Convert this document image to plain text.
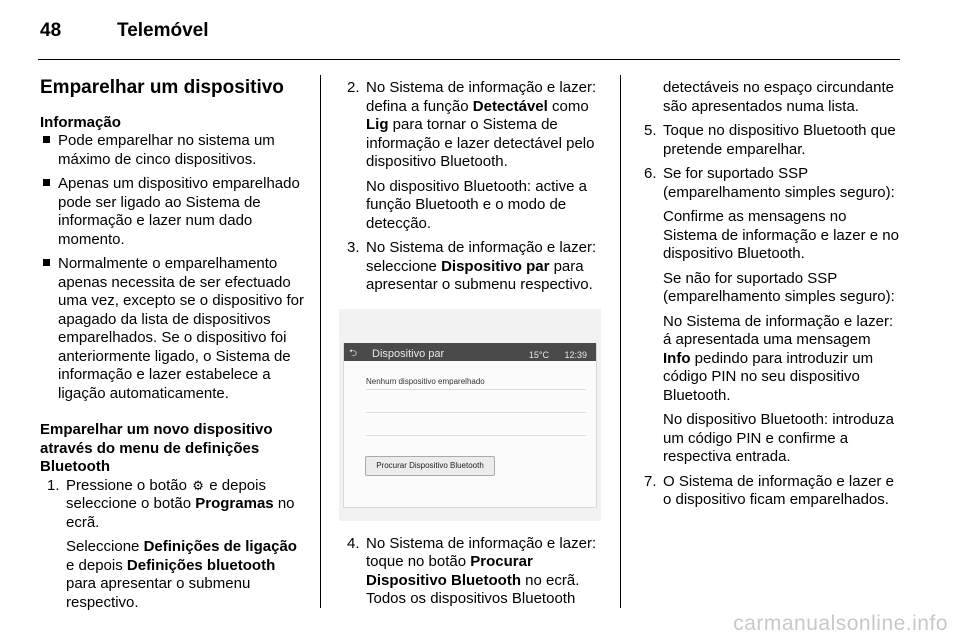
48	Telemóvel

Emparelhar um dispositivo

Informação

Pode emparelhar no sistema um máximo de cinco dispositivos.

Apenas um dispositivo emparelhado pode ser ligado ao Sistema de informação e lazer num dado momento.

Normalmente o emparelhamento apenas necessita de ser efectuado uma vez, excepto se o dispositivo for apagado da lista de dispositivos emparelhados. Se o dispositivo foi anteriormente ligado, o Sistema de informação e lazer estabelece a ligação automaticamente.

Emparelhar um novo dispositivo através do menu de definições Bluetooth

1. Pressione o botão ⚙ e depois seleccione o botão Programas no ecrã.

Seleccione Definições de ligação e depois Definições bluetooth para apresentar o submenu respectivo.

2. No Sistema de informação e lazer: defina a função Detectável como Lig para tornar o Sistema de informação e lazer detectável pelo dispositivo Bluetooth.

No dispositivo Bluetooth: active a função Bluetooth e o modo de detecção.

3. No Sistema de informação e lazer: seleccione Dispositivo par para apresentar o submenu respectivo.

⮌ Dispositivo par	15°C 12:39
Nenhum dispositivo emparelhado
Procurar Dispositivo Bluetooth
4. No Sistema de informação e lazer: toque no botão Procurar Dispositivo Bluetooth no ecrã. Todos os dispositivos Bluetooth

detectáveis no espaço circundante são apresentados numa lista.

5. Toque no dispositivo Bluetooth que pretende emparelhar.

6. Se for suportado SSP (emparelhamento simples seguro):

Confirme as mensagens no Sistema de informação e lazer e no dispositivo Bluetooth.

Se não for suportado SSP (emparelhamento simples seguro):

No Sistema de informação e lazer: á apresentada uma mensagem Info pedindo para introduzir um código PIN no seu dispositivo Bluetooth.

No dispositivo Bluetooth: introduza um código PIN e confirme a respectiva entrada.

7. O Sistema de informação e lazer e o dispositivo ficam emparelhados.

carmanualsonline.info
